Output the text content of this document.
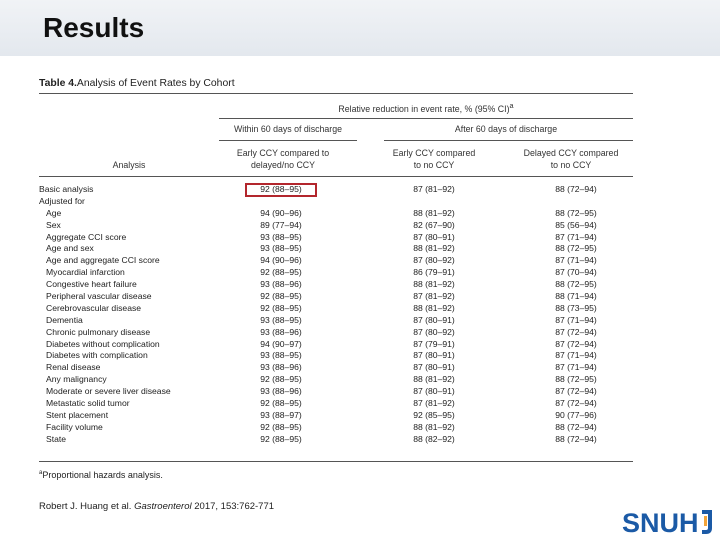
Results
Table 4.Analysis of Event Rates by Cohort
Relative reduction in event rate, % (95% CI)$^a$
Within 60 days of discharge	After 60 days of discharge
Early CCY compared to
delayed/no CCY
Early CCY compared
to no CCY
Delayed CCY compared
to no CCY
Analysis
Basic analysis	92 (88–95)	87 (81–92)	88 (72–94)
Adjusted for
Age	94 (90–96)	88 (81–92)	88 (72–95)
Sex	89 (77–94)	82 (67–90)	85 (56–94)
Aggregate CCI score	93 (88–95)	87 (80–91)	87 (71–94)
Age and sex	93 (88–95)	88 (81–92)	88 (72–95)
Age and aggregate CCI score	94 (90–96)	87 (80–92)	87 (71–94)
Myocardial infarction	92 (88–95)	86 (79–91)	87 (70–94)
Congestive heart failure	93 (88–96)	88 (81–92)	88 (72–95)
Peripheral vascular disease	92 (88–95)	87 (81–92)	88 (71–94)
Cerebrovascular disease	92 (88–95)	88 (81–92)	88 (73–95)
Dementia	93 (88–95)	87 (80–91)	87 (71–94)
Chronic pulmonary disease	93 (88–96)	87 (80–92)	87 (72–94)
Diabetes without complication	94 (90–97)	87 (79–91)	87 (72–94)
Diabetes with complication	93 (88–95)	87 (80–91)	87 (71–94)
Renal disease	93 (88–96)	87 (80–91)	87 (71–94)
Any malignancy	92 (88–95)	88 (81–92)	88 (72–95)
Moderate or severe liver disease	93 (88–96)	87 (80–91)	87 (72–94)
Metastatic solid tumor	92 (88–95)	87 (81–92)	87 (72–94)
Stent placement	93 (88–97)	92 (85–95)	90 (77–96)
Facility volume	92 (88–95)	88 (81–92)	88 (72–94)
State	92 (88–95)	88 (82–92)	88 (72–94)
$^a$Proportional hazards analysis.
Robert J. Huang et al. Gastroenterol 2017, 153:762-771
SNUH
